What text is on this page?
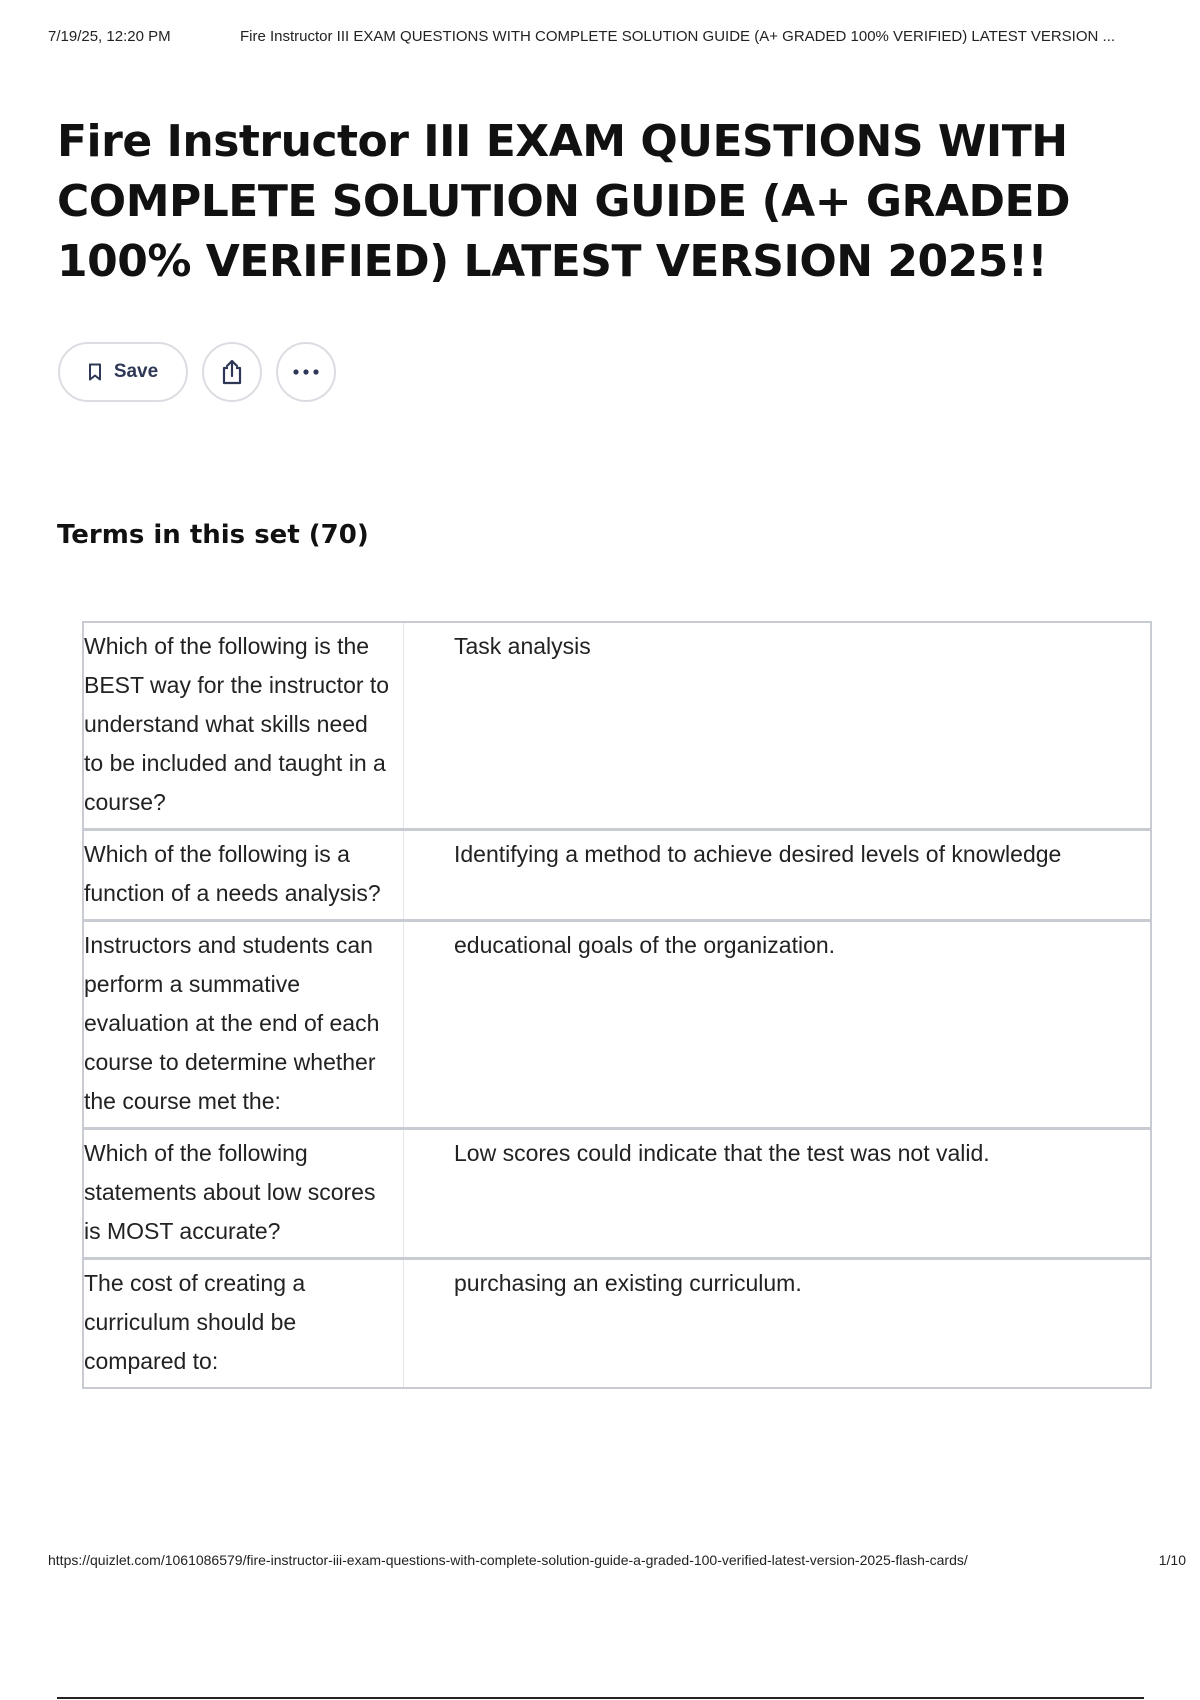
7/19/25, 12:20 PM	Fire Instructor III EXAM QUESTIONS WITH COMPLETE SOLUTION GUIDE (A+ GRADED 100% VERIFIED) LATEST VERSION ...
Fire Instructor III EXAM QUESTIONS WITH COMPLETE SOLUTION GUIDE (A+ GRADED 100% VERIFIED) LATEST VERSION 2025!!
Save
Terms in this set (70)
Which of the following is the BEST way for the instructor to understand what skills need to be included and taught in a course?
Task analysis
Which of the following is a function of a needs analysis?
Identifying a method to achieve desired levels of knowledge
Instructors and students can perform a summative evaluation at the end of each course to determine whether the course met the:
educational goals of the organization.
Which of the following statements about low scores is MOST accurate?
Low scores could indicate that the test was not valid.
The cost of creating a curriculum should be compared to:
purchasing an existing curriculum.
https://quizlet.com/1061086579/fire-instructor-iii-exam-questions-with-complete-solution-guide-a-graded-100-verified-latest-version-2025-flash-cards/	1/10
